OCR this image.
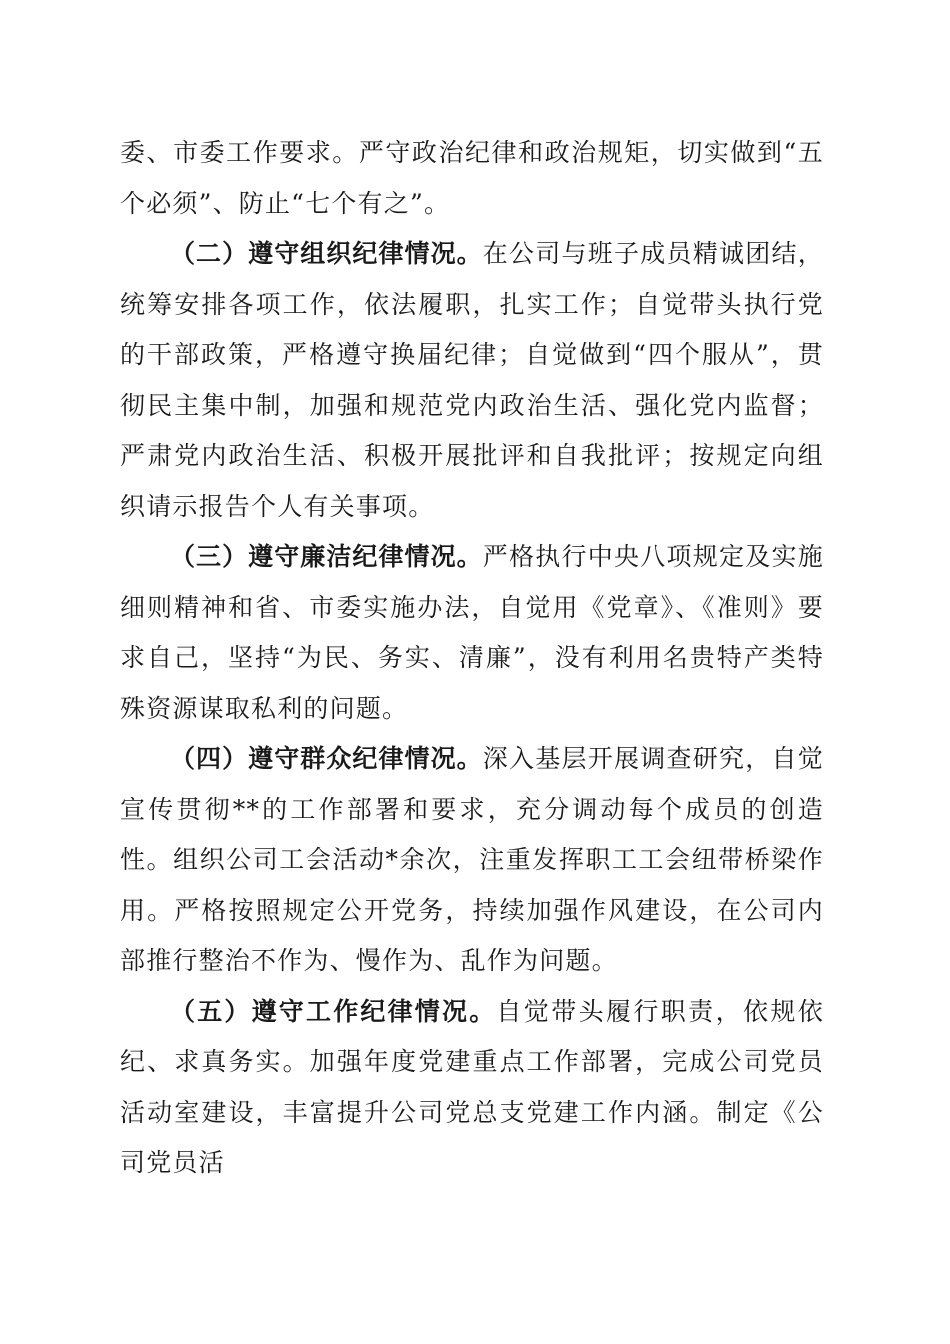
委、市委工作要求。严守政治纪律和政治规矩，切实做到“五个必须”、防止“七个有之”。

（二）遵守组织纪律情况。在公司与班子成员精诚团结，统筹安排各项工作，依法履职，扎实工作；自觉带头执行党的干部政策，严格遵守换届纪律；自觉做到“四个服从”，贯彻民主集中制，加强和规范党内政治生活、强化党内监督；严肃党内政治生活、积极开展批评和自我批评；按规定向组织请示报告个人有关事项。

（三）遵守廉洁纪律情况。严格执行中央八项规定及实施细则精神和省、市委实施办法，自觉用《党章》、《准则》要求自己，坚持“为民、务实、清廉”，没有利用名贵特产类特殊资源谋取私利的问题。

（四）遵守群众纪律情况。深入基层开展调查研究，自觉宣传贯彻**的工作部署和要求，充分调动每个成员的创造性。组织公司工会活动*余次，注重发挥职工工会纽带桥梁作用。严格按照规定公开党务，持续加强作风建设，在公司内部推行整治不作为、慢作为、乱作为问题。

（五）遵守工作纪律情况。自觉带头履行职责，依规依纪、求真务实。加强年度党建重点工作部署，完成公司党员活动室建设，丰富提升公司党总支党建工作内涵。制定《公司党员活
